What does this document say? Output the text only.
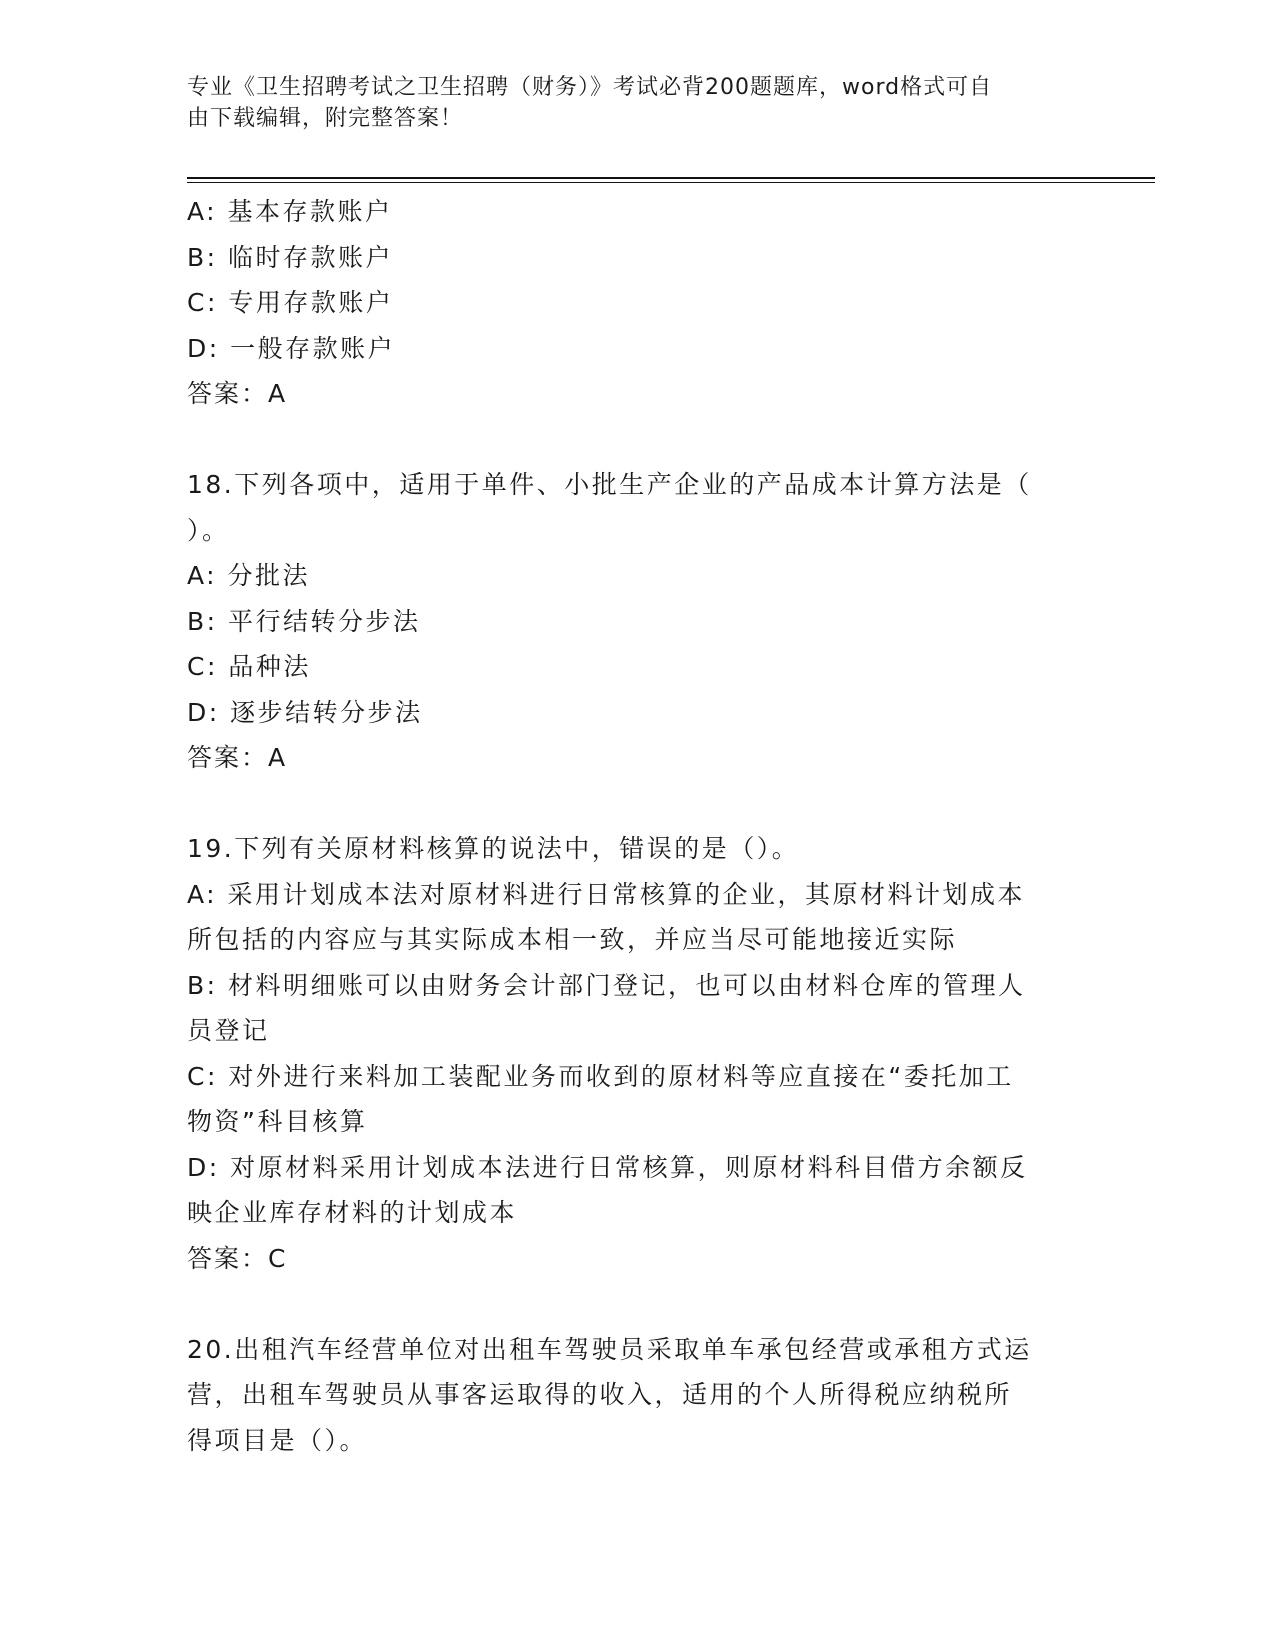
专业《卫生招聘考试之卫生招聘（财务）》考试必背200题题库，word格式可自
由下载编辑，附完整答案！
A: 基本存款账户
B: 临时存款账户
C: 专用存款账户
D: 一般存款账户
答案：A
18.下列各项中，适用于单件、小批生产企业的产品成本计算方法是（
）。
A: 分批法
B: 平行结转分步法
C: 品种法
D: 逐步结转分步法
答案：A
19.下列有关原材料核算的说法中，错误的是（）。
A: 采用计划成本法对原材料进行日常核算的企业，其原材料计划成本
所包括的内容应与其实际成本相一致，并应当尽可能地接近实际
B: 材料明细账可以由财务会计部门登记，也可以由材料仓库的管理人
员登记
C: 对外进行来料加工装配业务而收到的原材料等应直接在“委托加工
物资”科目核算
D: 对原材料采用计划成本法进行日常核算，则原材料科目借方余额反
映企业库存材料的计划成本
答案：C
20.出租汽车经营单位对出租车驾驶员采取单车承包经营或承租方式运
营，出租车驾驶员从事客运取得的收入，适用的个人所得税应纳税所
得项目是（）。
